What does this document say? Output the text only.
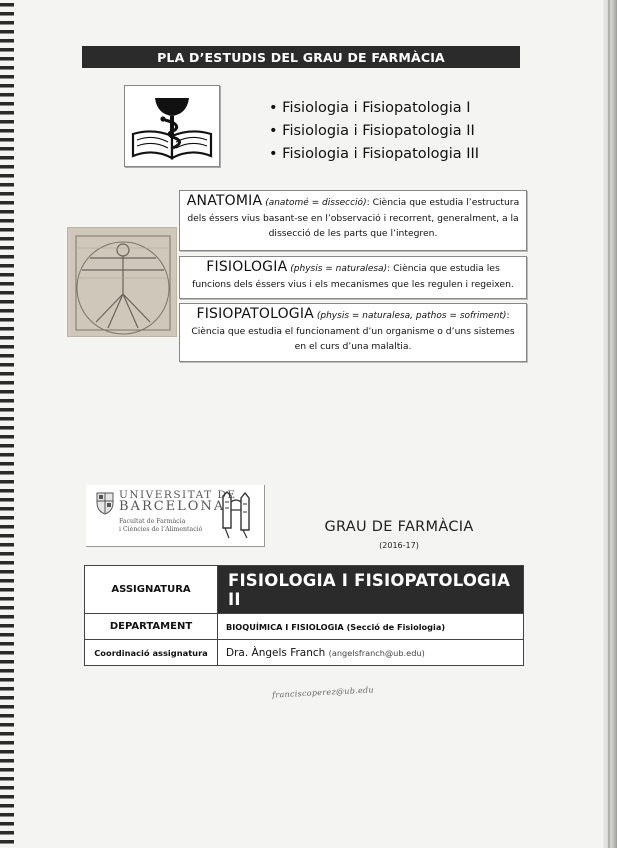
PLA D’ESTUDIS DEL GRAU DE FARMÀCIA
• Fisiologia i Fisiopatologia I
• Fisiologia i Fisiopatologia II
• Fisiologia i Fisiopatologia III
ANATOMIA (anatomé = dissecció): Ciència que estudia l’estructura dels éssers vius basant-se en l’observació i recorrent, generalment, a la dissecció de les parts que l’integren.
FISIOLOGIA (physis = naturalesa): Ciència que estudia les funcions dels éssers vius i els mecanismes que les regulen i regeixen.
FISIOPATOLOGIA (physis = naturalesa, pathos = sofriment): Ciència que estudia el funcionament d’un organisme o d’uns sistemes en el curs d’una malaltia.
UNIVERSITAT DE
BARCELONA
Facultat de Farmàcia
i Ciències de l’Alimentació	GRAU DE FARMÀCIA
(2016-17)
ASSIGNATURA	FISIOLOGIA I FISIOPATOLOGIA II
DEPARTAMENT	BIOQUÍMICA I FISIOLOGIA (Secció de Fisiologia)
Coordinació assignatura	Dra. Àngels Franch (angelsfranch@ub.edu)
franciscoperez@ub.edu
